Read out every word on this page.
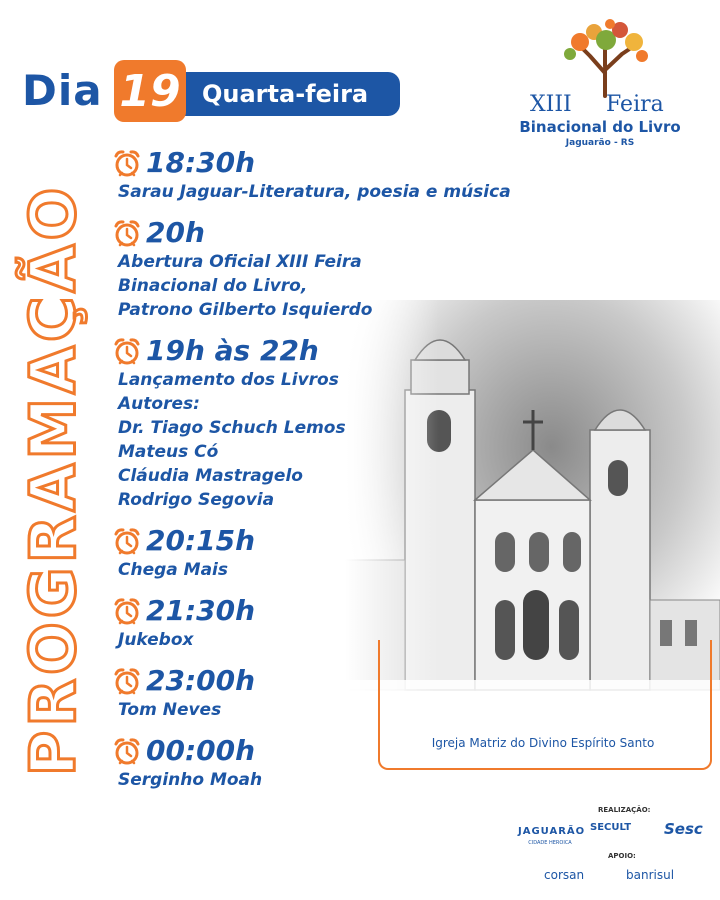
Dia	Quarta-feira
19	XIII Feira
Binacional do Livro
Jaguarão - RS
PROGRAMAÇÃO	Igreja Matriz do Divino Espírito Santo
18:30h
Sarau Jaguar-Literatura, poesia e música
20h
Abertura Oficial XIII Feira
Binacional do Livro,
Patrono Gilberto Isquierdo
19h às 22h
Lançamento dos Livros
Autores:
Dr. Tiago Schuch Lemos
Mateus Có
Cláudia Mastragelo
Rodrigo Segovia
20:15h
Chega Mais
21:30h
Jukebox
23:00h
Tom Neves
00:00h
Serginho Moah
REALIZAÇÃO:
JAGUARÃO
CIDADE HEROICA
SECULT Sesc
APOIO:
corsan	banrisul
